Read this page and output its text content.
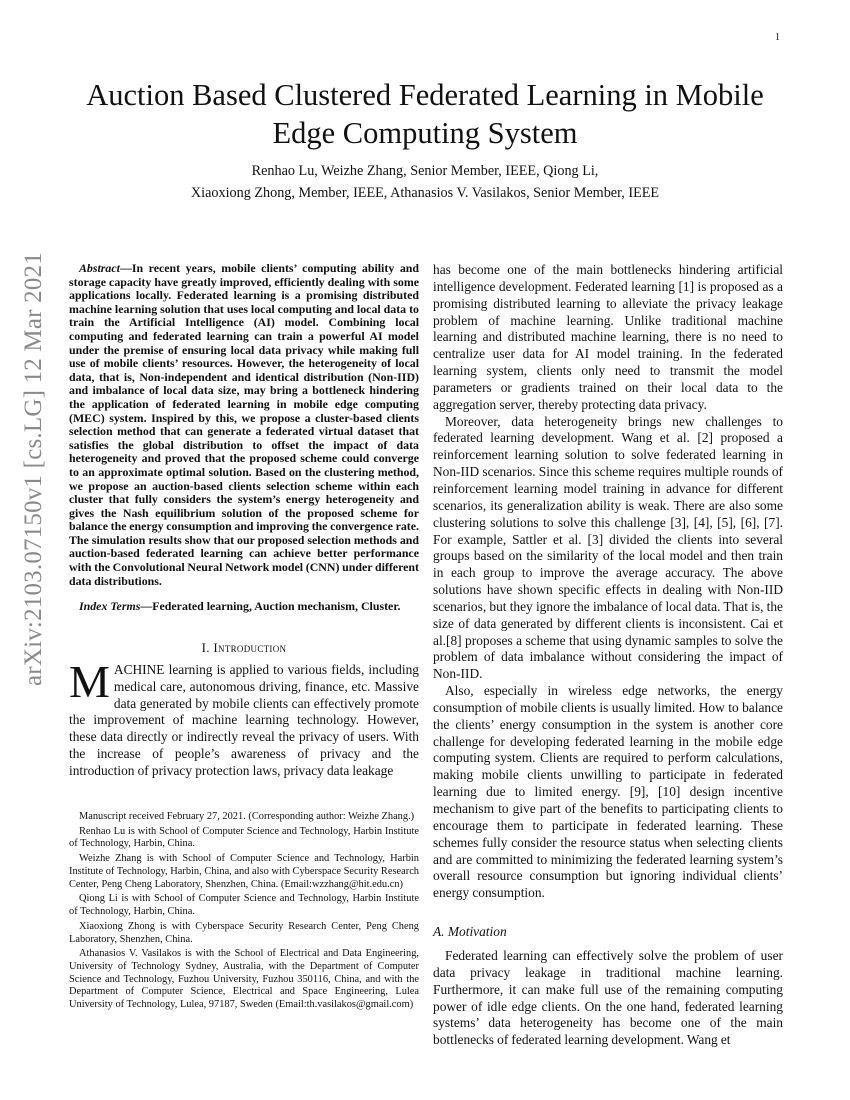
1
arXiv:2103.07150v1 [cs.LG] 12 Mar 2021
Auction Based Clustered Federated Learning in Mobile Edge Computing System
Renhao Lu, Weizhe Zhang, Senior Member, IEEE, Qiong Li,
Xiaoxiong Zhong, Member, IEEE, Athanasios V. Vasilakos, Senior Member, IEEE

Abstract—In recent years, mobile clients’ computing ability and storage capacity have greatly improved, efficiently dealing with some applications locally. Federated learning is a promising distributed machine learning solution that uses local computing and local data to train the Artificial Intelligence (AI) model. Combining local computing and federated learning can train a powerful AI model under the premise of ensuring local data privacy while making full use of mobile clients’ resources. However, the heterogeneity of local data, that is, Non-independent and identical distribution (Non-IID) and imbalance of local data size, may bring a bottleneck hindering the application of federated learning in mobile edge computing (MEC) system. Inspired by this, we propose a cluster-based clients selection method that can generate a federated virtual dataset that satisfies the global distribution to offset the impact of data heterogeneity and proved that the proposed scheme could converge to an approximate optimal solution. Based on the clustering method, we propose an auction-based clients selection scheme within each cluster that fully considers the system’s energy heterogeneity and gives the Nash equilibrium solution of the proposed scheme for balance the energy consumption and improving the convergence rate. The simulation results show that our proposed selection methods and auction-based federated learning can achieve better performance with the Convolutional Neural Network model (CNN) under different data distributions.

Index Terms—Federated learning, Auction mechanism, Cluster.

I. Introduction

MACHINE learning is applied to various fields, including medical care, autonomous driving, finance, etc. Massive data generated by mobile clients can effectively promote the improvement of machine learning technology. However, these data directly or indirectly reveal the privacy of users. With the increase of people’s awareness of privacy and the introduction of privacy protection laws, privacy data leakage

Manuscript received February 27, 2021. (Corresponding author: Weizhe Zhang.)

Renhao Lu is with School of Computer Science and Technology, Harbin Institute of Technology, Harbin, China.

Weizhe Zhang is with School of Computer Science and Technology, Harbin Institute of Technology, Harbin, China, and also with Cyberspace Security Research Center, Peng Cheng Laboratory, Shenzhen, China. (Email:wzzhang@hit.edu.cn)

Qiong Li is with School of Computer Science and Technology, Harbin Institute of Technology, Harbin, China.

Xiaoxiong Zhong is with Cyberspace Security Research Center, Peng Cheng Laboratory, Shenzhen, China.

Athanasios V. Vasilakos is with the School of Electrical and Data Engineering, University of Technology Sydney, Australia, with the Department of Computer Science and Technology, Fuzhou University, Fuzhou 350116, China, and with the Department of Computer Science, Electrical and Space Engineering, Lulea University of Technology, Lulea, 97187, Sweden (Email:th.vasilakos@gmail.com)

has become one of the main bottlenecks hindering artificial intelligence development. Federated learning [1] is proposed as a promising distributed learning to alleviate the privacy leakage problem of machine learning. Unlike traditional machine learning and distributed machine learning, there is no need to centralize user data for AI model training. In the federated learning system, clients only need to transmit the model parameters or gradients trained on their local data to the aggregation server, thereby protecting data privacy.

Moreover, data heterogeneity brings new challenges to federated learning development. Wang et al. [2] proposed a reinforcement learning solution to solve federated learning in Non-IID scenarios. Since this scheme requires multiple rounds of reinforcement learning model training in advance for different scenarios, its generalization ability is weak. There are also some clustering solutions to solve this challenge [3], [4], [5], [6], [7]. For example, Sattler et al. [3] divided the clients into several groups based on the similarity of the local model and then train in each group to improve the average accuracy. The above solutions have shown specific effects in dealing with Non-IID scenarios, but they ignore the imbalance of local data. That is, the size of data generated by different clients is inconsistent. Cai et al.[8] proposes a scheme that using dynamic samples to solve the problem of data imbalance without considering the impact of Non-IID.

Also, especially in wireless edge networks, the energy consumption of mobile clients is usually limited. How to balance the clients’ energy consumption in the system is another core challenge for developing federated learning in the mobile edge computing system. Clients are required to perform calculations, making mobile clients unwilling to participate in federated learning due to limited energy. [9], [10] design incentive mechanism to give part of the benefits to participating clients to encourage them to participate in federated learning. These schemes fully consider the resource status when selecting clients and are committed to minimizing the federated learning system’s overall resource consumption but ignoring individual clients’ energy consumption.

A. Motivation

Federated learning can effectively solve the problem of user data privacy leakage in traditional machine learning. Furthermore, it can make full use of the remaining computing power of idle edge clients. On the one hand, federated learning systems’ data heterogeneity has become one of the main bottlenecks of federated learning development. Wang et
